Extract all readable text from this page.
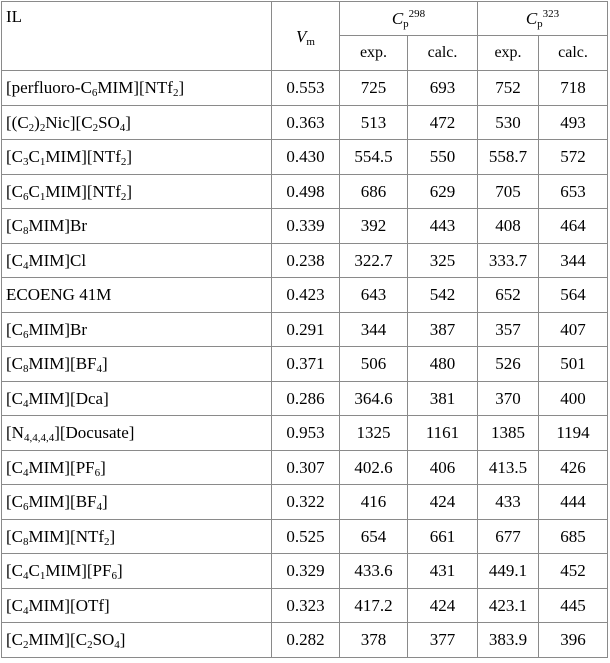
IL	$V_m$	$C_p^{298}$		$C_p^{323}$
		exp.	calc.	exp.	calc.
$[perfluoro-C_6MIM][NTf_2]$	0.553	725	693	752	718
$[(C_2)_2Nic][C_2SO_4]$	0.363	513	472	530	493
$[C_3C_1MIM][NTf_2]$	0.430	554.5	550	558.7	572
$[C_6C_1MIM][NTf_2]$	0.498	686	629	705	653
$[C_8MIM]Br$	0.339	392	443	408	464
$[C_4MIM]Cl$	0.238	322.7	325	333.7	344
ECOENG 41M	0.423	643	542	652	564
$[C_6MIM]Br$	0.291	344	387	357	407
$[C_8MIM][BF_4]$	0.371	506	480	526	501
$[C_4MIM][Dca]$	0.286	364.6	381	370	400
$[N_{4,4,4,4}][Docusate]$	0.953	1325	1161	1385	1194
$[C_4MIM][PF_6]$	0.307	402.6	406	413.5	426
$[C_6MIM][BF_4]$	0.322	416	424	433	444
$[C_8MIM][NTf_2]$	0.525	654	661	677	685
$[C_4C_1MIM][PF_6]$	0.329	433.6	431	449.1	452
$[C_4MIM][OTf]$	0.323	417.2	424	423.1	445
$[C_2MIM][C_2SO_4]$	0.282	378	377	383.9	396
